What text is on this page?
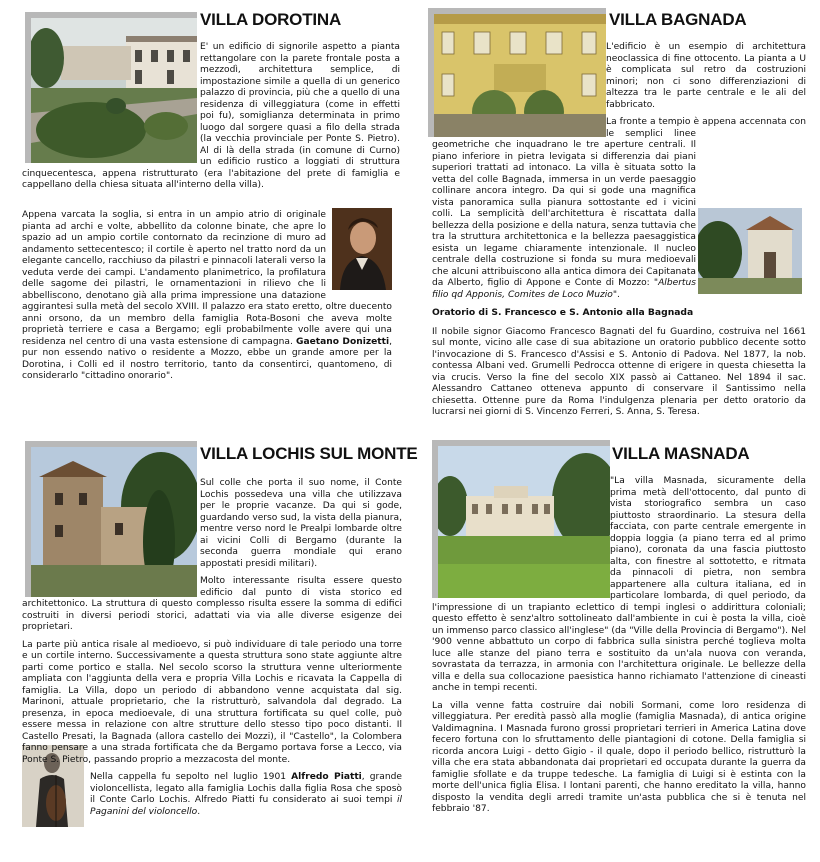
VILLA DOROTINA

E' un edificio di signorile aspetto a pianta rettangolare con la parete frontale posta a mezzodì, architettura semplice, di impostazione simile a quella di un generico palazzo di provincia, più che a quello di una residenza di villeggiatura (come in effetti poi fu), somiglianza determinata in primo luogo dal sorgere quasi a filo della strada (la vecchia provinciale per Ponte S. Pietro). Al di là della strada (in comune di Curno) un edificio rustico a loggiati di struttura cinquecentesca, appena ristrutturato (era l'abitazione del prete di famiglia e cappellano della chiesa situata all'interno della villa).

Appena varcata la soglia, si entra in un ampio atrio di originale pianta ad archi e volte, abbellito da colonne binate, che apre lo spazio ad un ampio cortile contornato da recinzione di muro ad andamento settecentesco; il cortile è aperto nel tratto nord da un elegante cancello, racchiuso da pilastri e pinnacoli laterali verso la veduta verde dei campi. L'andamento planimetrico, la profilatura delle sagome dei pilastri, le ornamentazioni in rilievo che li abbelliscono, denotano già alla prima impressione una datazione aggirantesi sulla metà del secolo XVIII. Il palazzo era stato eretto, oltre duecento anni orsono, da un membro della famiglia Rota-Bosoni che aveva molte proprietà terriere e casa a Bergamo; egli probabilmente volle avere qui una residenza nel centro di una vasta estensione di campagna. Gaetano Donizetti, pur non essendo nativo o residente a Mozzo, ebbe un grande amore per la Dorotina, i Colli ed il nostro territorio, tanto da consentirci, quantomeno, di considerarlo "cittadino onorario".

VILLA BAGNADA

L'edificio è un esempio di architettura neoclassica di fine ottocento. La pianta a U è complicata sul retro da costruzioni minori; non ci sono differenziazioni di altezza tra le parte centrale e le ali del fabbricato.

La fronte a tempio è appena accennata con le semplici linee geometriche che inquadrano le tre aperture centrali. Il piano inferiore in pietra levigata si differenzia dai piani superiori trattati ad intonaco. La villa è situata sotto la vetta del colle Bagnada, immersa in un verde paesaggio collinare ancora integro. Da qui si gode una magnifica vista panoramica sulla pianura sottostante ed i vicini colli. La semplicità dell'architettura è riscattata dalla bellezza della posizione e della natura, senza tuttavia che tra la struttura architettonica e la bellezza paesaggistica esista un legame chiaramente intenzionale. Il nucleo centrale della costruzione si fonda su mura medioevali che alcuni attribuiscono alla antica dimora dei Capitanata da Alberto, figlio di Appone e Conte di Mozzo: "Albertus filio qd Apponis, Comites de Loco Muzio".

Oratorio di S. Francesco e S. Antonio alla Bagnada

Il nobile signor Giacomo Francesco Bagnati del fu Guardino, costruiva nel 1661 sul monte, vicino alle case di sua abitazione un oratorio pubblico decente sotto l'invocazione di S. Francesco d'Assisi e S. Antonio di Padova. Nel 1877, la nob. contessa Albani ved. Grumelli Pedrocca ottenne di erigere in questa chiesetta la via crucis. Verso la fine del secolo XIX passò ai Cattaneo. Nel 1894 il sac. Alessandro Cattaneo otteneva appunto di conservare il Santissimo nella chiesetta. Ottenne pure da Roma l'indulgenza plenaria per detto oratorio da lucrarsi nei giorni di S. Vincenzo Ferreri, S. Anna, S. Teresa.

VILLA LOCHIS SUL MONTE

Sul colle che porta il suo nome, il Conte Lochis possedeva una villa che utilizzava per le proprie vacanze. Da qui si gode, guardando verso sud, la vista della pianura, mentre verso nord le Prealpi lombarde oltre ai vicini Colli di Bergamo (durante la seconda guerra mondiale qui erano appostati presidi militari).

Molto interessante risulta essere questo edificio dal punto di vista storico ed architettonico. La struttura di questo complesso risulta essere la somma di edifici costruiti in diversi periodi storici, adattati via via alle diverse esigenze dei proprietari.

La parte più antica risale al medioevo, si può individuare di tale periodo una torre e un cortile interno. Successivamente a questa struttura sono state aggiunte altre parti come portico e stalla. Nel secolo scorso la struttura venne ulteriormente ampliata con l'aggiunta della vera e propria Villa Lochis e ricavata la Cappella di famiglia. La Villa, dopo un periodo di abbandono venne acquistata dal sig. Marinoni, attuale proprietario, che la ristrutturò, salvandola dal degrado. La presenza, in epoca medioevale, di una struttura fortificata su quel colle, può essere messa in relazione con altre strutture dello stesso tipo poco distanti. Il Castello Presati, la Bagnada (allora castello dei Mozzi), il "Castello", la Colombera fanno pensare a una strada fortificata che da Bergamo portava forse a Lecco, via Ponte S. Pietro, passando proprio a mezzacosta del monte.

Nella cappella fu sepolto nel luglio 1901 Alfredo Piatti, grande violoncellista, legato alla famiglia Lochis dalla figlia Rosa che sposò il Conte Carlo Lochis. Alfredo Piatti fu considerato ai suoi tempi il Paganini del violoncello.

VILLA MASNADA

"La villa Masnada, sicuramente della prima metà dell'ottocento, dal punto di vista storiografico sembra un caso piuttosto straordinario. La stesura della facciata, con parte centrale emergente in doppia loggia (a piano terra ed al primo piano), coronata da una fascia piuttosto alta, con finestre al sottotetto, e ritmata da pinnacoli di pietra, non sembra appartenere alla cultura italiana, ed in particolare lombarda, di quel periodo, da l'impressione di un trapianto eclettico di tempi inglesi o addirittura coloniali; questo effetto è senz'altro sottolineato dall'ambiente in cui è posta la villa, cioè un immenso parco classico all'inglese" (da "Ville della Provincia di Bergamo"). Nel '900 venne abbattuto un corpo di fabbrica sulla sinistra perché toglieva molta luce alle stanze del piano terra e sostituito da un'ala nuova con veranda, sovrastata da terrazza, in armonia con l'architettura originale. Le bellezze della villa e della sua collocazione paesistica hanno richiamato l'attenzione di cineasti anche in tempi recenti.

La villa venne fatta costruire dai nobili Sormani, come loro residenza di villeggiatura. Per eredità passò alla moglie (famiglia Masnada), di antica origine Valdimagnina. I Masnada furono grossi proprietari terrieri in America Latina dove fecero fortuna con lo sfruttamento delle piantagioni di cotone. Della famiglia si ricorda ancora Luigi - detto Gigio - il quale, dopo il periodo bellico, ristrutturò la villa che era stata abbandonata dai proprietari ed occupata durante la guerra da famiglie sfollate e da truppe tedesche. La famiglia di Luigi si è estinta con la morte dell'unica figlia Elisa. I lontani parenti, che hanno ereditato la villa, hanno disposto la vendita degli arredi tramite un'asta pubblica che si è tenuta nel febbraio '87.
